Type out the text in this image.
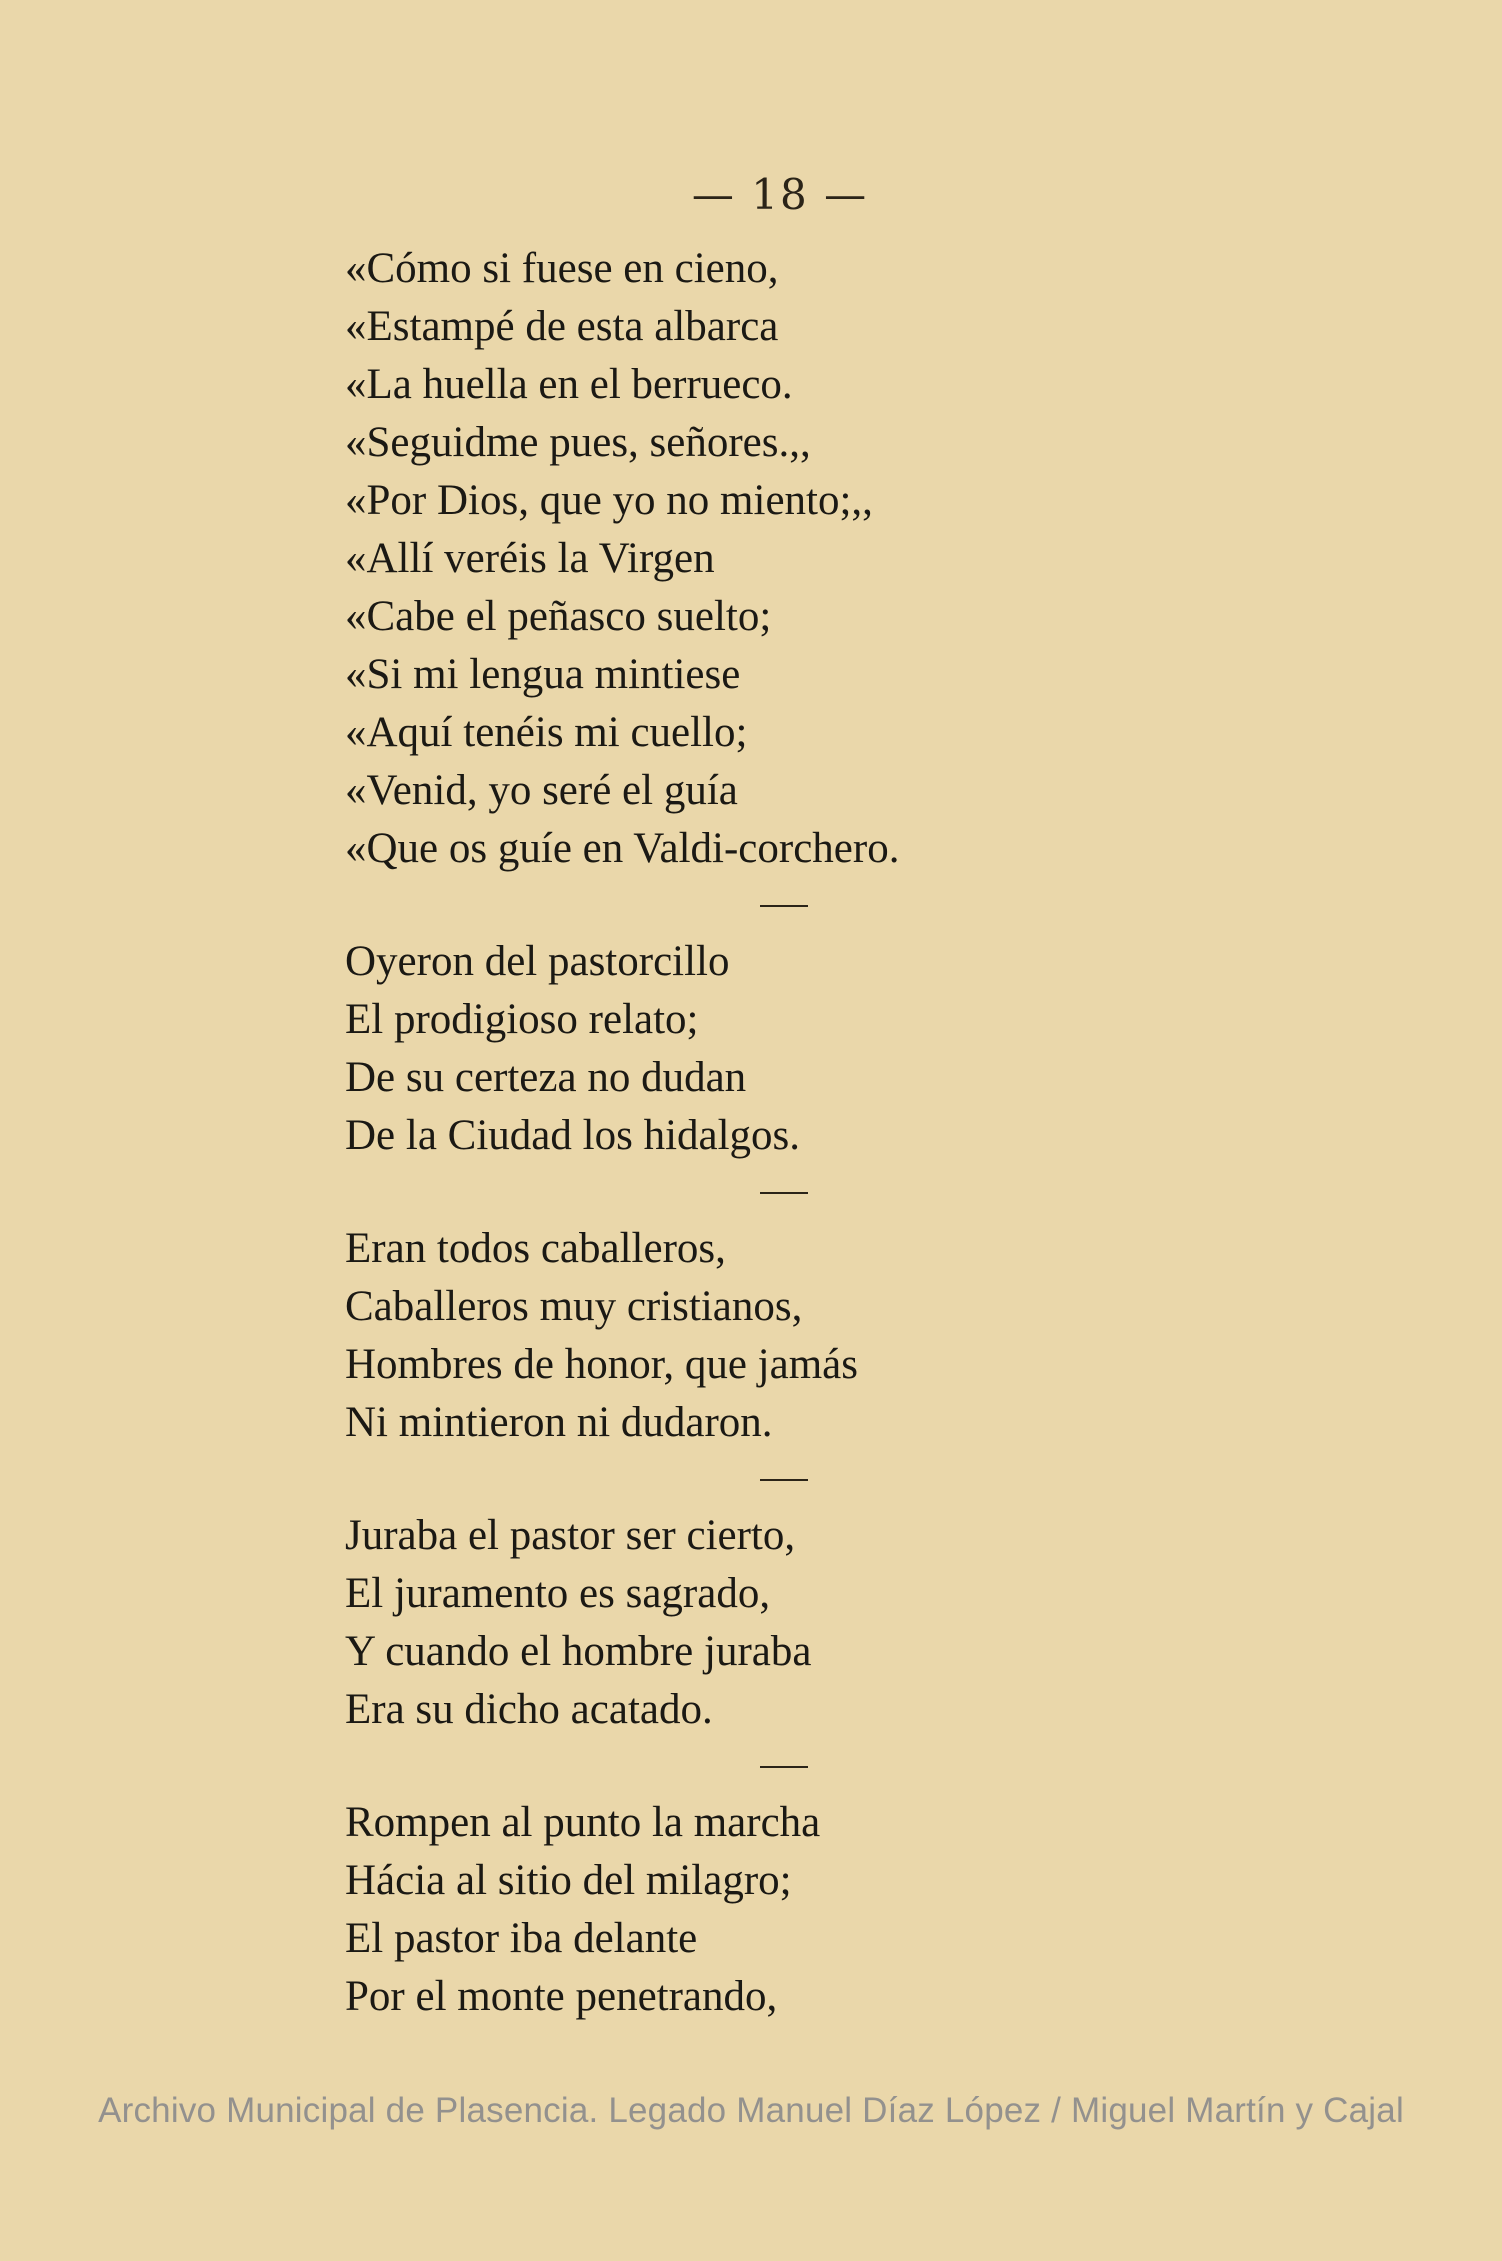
— 18 —

«Cómo si fuese en cieno,

«Estampé de esta albarca

«La huella en el berrueco.

«Seguidme pues, señores.,,

«Por Dios, que yo no miento;,,

«Allí veréis la Virgen

«Cabe el peñasco suelto;

«Si mi lengua mintiese

«Aquí tenéis mi cuello;

«Venid, yo seré el guía

«Que os guíe en Valdi-corchero.

Oyeron del pastorcillo

El prodigioso relato;

De su certeza no dudan

De la Ciudad los hidalgos.

Eran todos caballeros,

Caballeros muy cristianos,

Hombres de honor, que jamás

Ni mintieron ni dudaron.

Juraba el pastor ser cierto,

El juramento es sagrado,

Y cuando el hombre juraba

Era su dicho acatado.

Rompen al punto la marcha

Hácia al sitio del milagro;

El pastor iba delante

Por el monte penetrando,

Archivo Municipal de Plasencia. Legado Manuel Díaz López / Miguel Martín y Cajal
